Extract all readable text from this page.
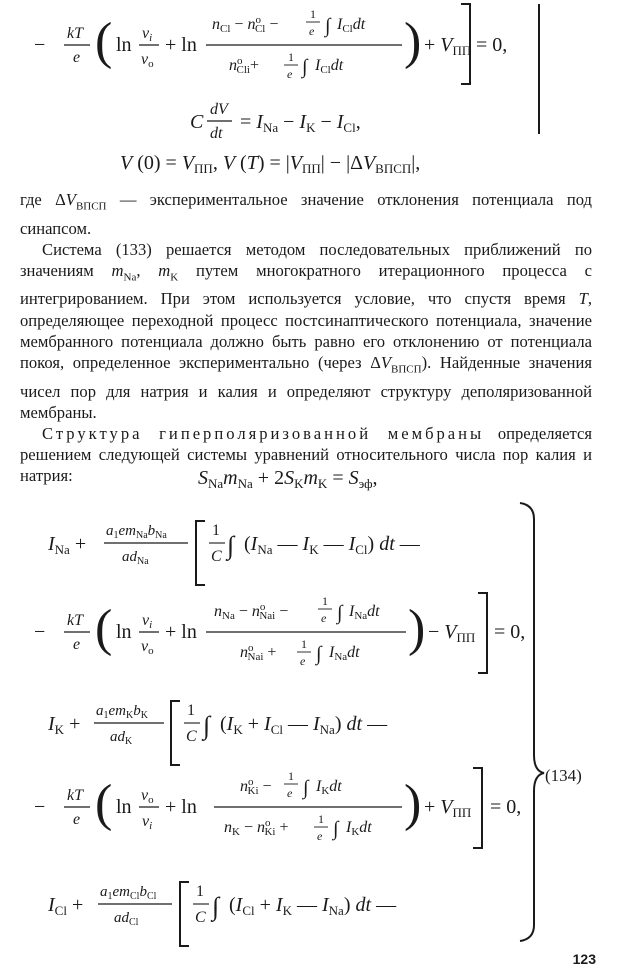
−
kT
e ( ln
vi
vo
+ ln
nCl − $n^o$ Cl −
1
e ∫ ICldt
$n^o$ Cli+ 1
e ∫ ICldt ) + $V_{ПП} = 0$,
C
dV
dt
= $I_{Na} - I_K - I_{Cl}$,
V $(0) = V_{ПП}$, V $(T) = |V_{ПП}| - |\Delta V_{ВПСП}|$,

где $\Delta V_{ВПСП}$ — экспериментальное значение отклонения потенциала под синапсом.

Система (133) решается методом последовательных приближений по значениям $m_{Na}$, $m_K$ путем многократного итерационного процесса с интегрированием. При этом используется условие, что спустя время T, определяющее переходной процесс постсинаптического потенциала, значение мембранного потенциала должно быть равно его отклонению от потенциала покоя, определенное экспериментально (через $\Delta V_{ВПСП}$). Найденные значения чисел пор для натрия и калия и определяют структуру деполяризованной мембраны.

Структура гиперполяризованной мембраны определяется решением следующей системы уравнений относительного числа пор калия и натрия:	$S_{Na}m_{Na} + 2S_Km_K = S_{эф}$,
$I_{Na}$ +
$a_1em_{Na}b_{Na}$
$ad_{Na}$
1
C ∫ ($I_{Na}$ — $I_K$ — $I_{Cl}$) dt —
−
kT
e ( ln
vi
vo
+ ln
nNa − $n^o$ Nai −
1
e ∫ INadt
$n^o$ Nai + 1
e ∫ INadt ) − $V_{ПП} = 0$,
$I_K$ +
$a_1em_Kb_K$
$ad_K$
1
C ∫ ($I_K + I_{Cl}$ — $I_{Na}$) dt —
−
kT
e ( ln
vo
vi
+ ln
$n^o$ Ki −
1
e ∫ IKdt
nK − $n^o$ Ki + 1
e ∫ IKdt ) + $V_{ПП} = 0$,
$I_{Cl}$ +
$a_1em_{Cl}b_{Cl}$
$ad_{Cl}$
1
C ∫ ($I_{Cl} + I_K$ — $I_{Na}$) dt —
(134)
123
